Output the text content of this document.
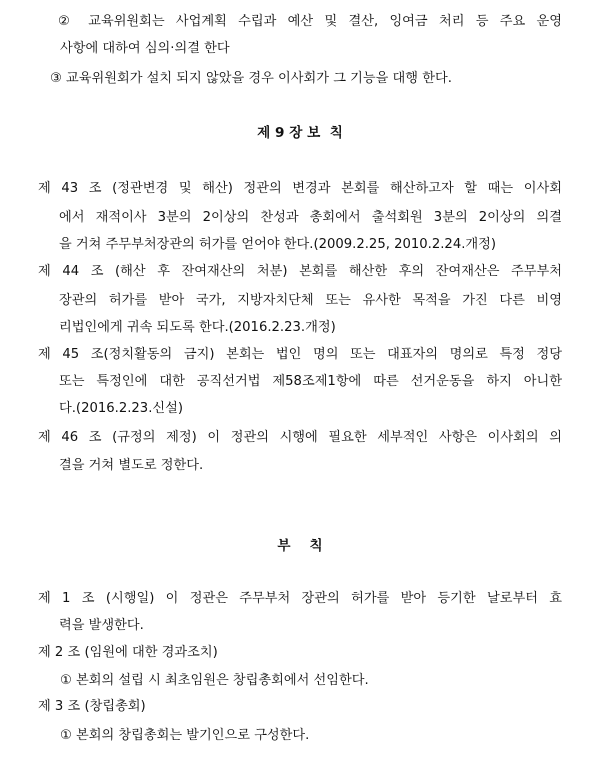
② 교육위원회는 사업계획 수립과 예산 및 결산, 잉여금 처리 등 주요 운영
사항에 대하여 심의·의결 한다
③ 교육위원회가 설치 되지 않았을 경우 이사회가 그 기능을 대행 한다.
제 9 장 보  칙
제 43 조 (정관변경 및 해산) 정관의 변경과 본회를 해산하고자 할 때는 이사회
에서 재적이사 3분의 2이상의 찬성과 총회에서 출석회원 3분의 2이상의 의결
을 거쳐 주무부처장관의 허가를 얻어야 한다.(2009.2.25, 2010.2.24.개정)
제 44 조 (해산 후 잔여재산의 처분) 본회를 해산한 후의 잔여재산은 주무부처
장관의 허가를 받아 국가, 지방자치단체 또는 유사한 목적을 가진 다른 비영
리법인에게 귀속 되도록 한다.(2016.2.23.개정)
제 45 조(정치활동의 금지) 본회는 법인 명의 또는 대표자의 명의로 특정 정당
또는 특정인에 대한 공직선거법 제58조제1항에 따른 선거운동을 하지 아니한
다.(2016.2.23.신설)
제 46 조 (규정의 제정) 이 정관의 시행에 필요한 세부적인 사항은 이사회의 의
결을 거쳐 별도로 정한다.
부    칙
제 1 조 (시행일) 이 정관은 주무부처 장관의 허가를 받아 등기한 날로부터 효
력을 발생한다.
제 2 조 (임원에 대한 경과조치)
① 본회의 설립 시 최초임원은 창립총회에서 선임한다.
제 3 조 (창립총회)
① 본회의 창립총회는 발기인으로 구성한다.
